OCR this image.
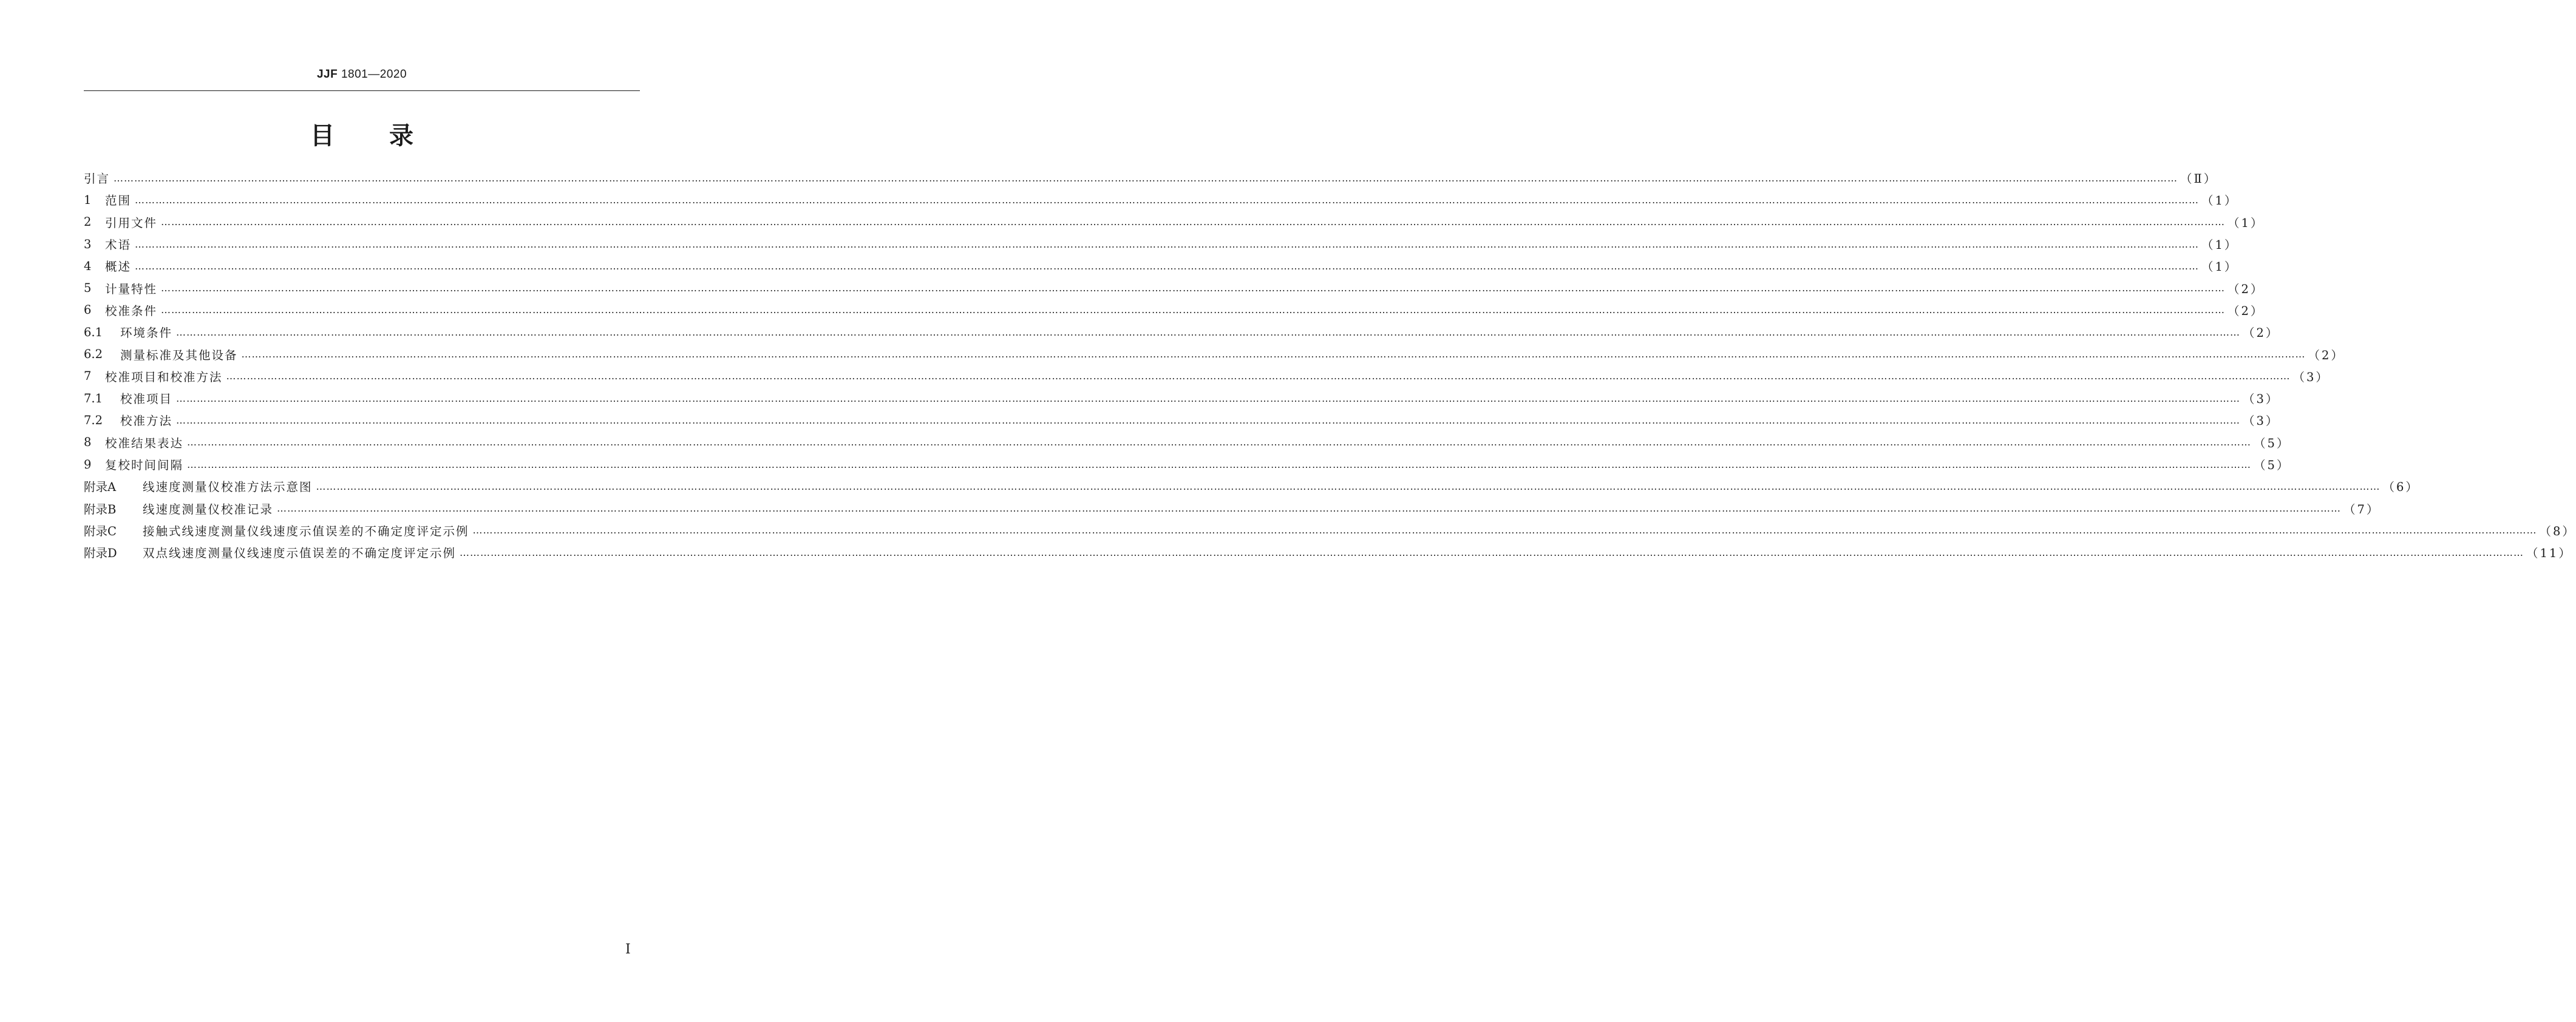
JJF 1801—2020
目录
引言 …………………………………………………………………………………………………………………………………………………………………………………………………………………………………………………………………………………………………………………………………………………………………………………………………………………………………………………………………………………………………………………………………………………… （Ⅱ）
1	范围 …………………………………………………………………………………………………………………………………………………………………………………………………………………………………………………………………………………………………………………………………………………………………………………………………………………………………………………………………………………………………………………………………………………… （1）
2	引用文件 …………………………………………………………………………………………………………………………………………………………………………………………………………………………………………………………………………………………………………………………………………………………………………………………………………………………………………………………………………………………………………………………………………………… （1）
3	术语 …………………………………………………………………………………………………………………………………………………………………………………………………………………………………………………………………………………………………………………………………………………………………………………………………………………………………………………………………………………………………………………………………………………… （1）
4	概述 …………………………………………………………………………………………………………………………………………………………………………………………………………………………………………………………………………………………………………………………………………………………………………………………………………………………………………………………………………………………………………………………………………………… （1）
5	计量特性 …………………………………………………………………………………………………………………………………………………………………………………………………………………………………………………………………………………………………………………………………………………………………………………………………………………………………………………………………………………………………………………………………………………… （2）
6	校准条件 …………………………………………………………………………………………………………………………………………………………………………………………………………………………………………………………………………………………………………………………………………………………………………………………………………………………………………………………………………………………………………………………………………………… （2）
6.1	环境条件 …………………………………………………………………………………………………………………………………………………………………………………………………………………………………………………………………………………………………………………………………………………………………………………………………………………………………………………………………………………………………………………………………………………… （2）
6.2	测量标准及其他设备 …………………………………………………………………………………………………………………………………………………………………………………………………………………………………………………………………………………………………………………………………………………………………………………………………………………………………………………………………………………………………………………………………………………… （2）
7	校准项目和校准方法 …………………………………………………………………………………………………………………………………………………………………………………………………………………………………………………………………………………………………………………………………………………………………………………………………………………………………………………………………………………………………………………………………………………… （3）
7.1	校准项目 …………………………………………………………………………………………………………………………………………………………………………………………………………………………………………………………………………………………………………………………………………………………………………………………………………………………………………………………………………………………………………………………………………………… （3）
7.2	校准方法 …………………………………………………………………………………………………………………………………………………………………………………………………………………………………………………………………………………………………………………………………………………………………………………………………………………………………………………………………………………………………………………………………………………… （3）
8	校准结果表达 …………………………………………………………………………………………………………………………………………………………………………………………………………………………………………………………………………………………………………………………………………………………………………………………………………………………………………………………………………………………………………………………………………………… （5）
9	复校时间间隔 …………………………………………………………………………………………………………………………………………………………………………………………………………………………………………………………………………………………………………………………………………………………………………………………………………………………………………………………………………………………………………………………………………………… （5）
附录A	线速度测量仪校准方法示意图 …………………………………………………………………………………………………………………………………………………………………………………………………………………………………………………………………………………………………………………………………………………………………………………………………………………………………………………………………………………………………………………………………………………… （6）
附录B	线速度测量仪校准记录 …………………………………………………………………………………………………………………………………………………………………………………………………………………………………………………………………………………………………………………………………………………………………………………………………………………………………………………………………………………………………………………………………………………… （7）
附录C	接触式线速度测量仪线速度示值误差的不确定度评定示例 …………………………………………………………………………………………………………………………………………………………………………………………………………………………………………………………………………………………………………………………………………………………………………………………………………………………………………………………………………………………………………………………………………………… （8）
附录D	双点线速度测量仪线速度示值误差的不确定度评定示例 …………………………………………………………………………………………………………………………………………………………………………………………………………………………………………………………………………………………………………………………………………………………………………………………………………………………………………………………………………………………………………………………………………………… （11）
Ⅰ
